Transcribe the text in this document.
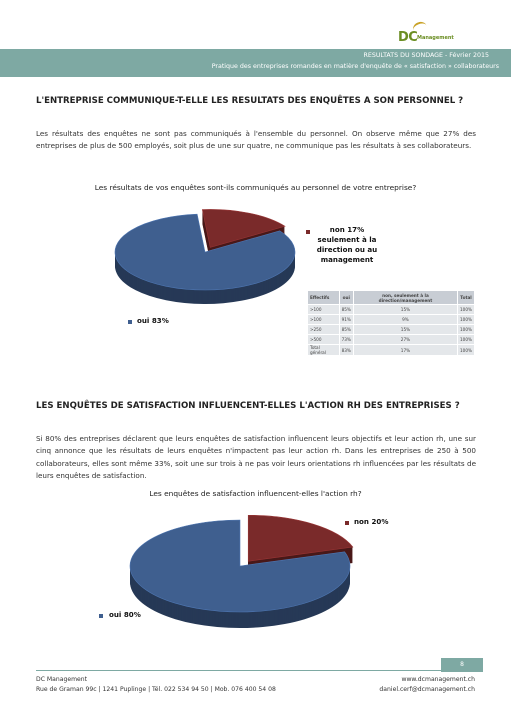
DC Management
RESULTATS DU SONDAGE - Février 2015
Pratique des entreprises romandes en matière d'enquête de « satisfaction » collaborateurs
L'ENTREPRISE COMMUNIQUE-T-ELLE LES RESULTATS DES ENQUÊTES A SON PERSONNEL ?
Les résultats des enquêtes ne sont pas communiqués à l'ensemble du personnel. On observe même que 27% des entreprises de plus de 500 employés, soit plus de une sur quatre, ne communique pas les résultats à ses collaborateurs.
Les résultats de vos enquêtes sont-ils communiqués au personnel de votre entreprise?
non 17% seulement à la direction ou au management
oui 83%
Effectifs	oui	non, seulement à la direction/management	Total
>100	85%	15%	100%
>100	91%	9%	100%
>250	85%	15%	100%
>500	73%	27%	100%
Total général	83%	17%	100%
LES ENQUÊTES DE SATISFACTION INFLUENCENT-ELLES L'ACTION RH DES ENTREPRISES ?
Si 80% des entreprises déclarent que leurs enquêtes de satisfaction influencent leurs objectifs et leur action rh, une sur cinq annonce que les résultats de leurs enquêtes n'impactent pas leur action rh. Dans les entreprises de 250 à 500 collaborateurs, elles sont même 33%, soit une sur trois à ne pas voir leurs orientations rh influencées par les résultats de leurs enquêtes de satisfaction.
Les enquêtes de satisfaction influencent-elles l'action rh?
non 20%
oui 80%
8
DC Management
Rue de Graman 99c | 1241 Puplinge | Tél. 022 534 94 50 | Mob. 076 400 54 08
www.dcmanagement.ch
daniel.cerf@dcmanagement.ch
